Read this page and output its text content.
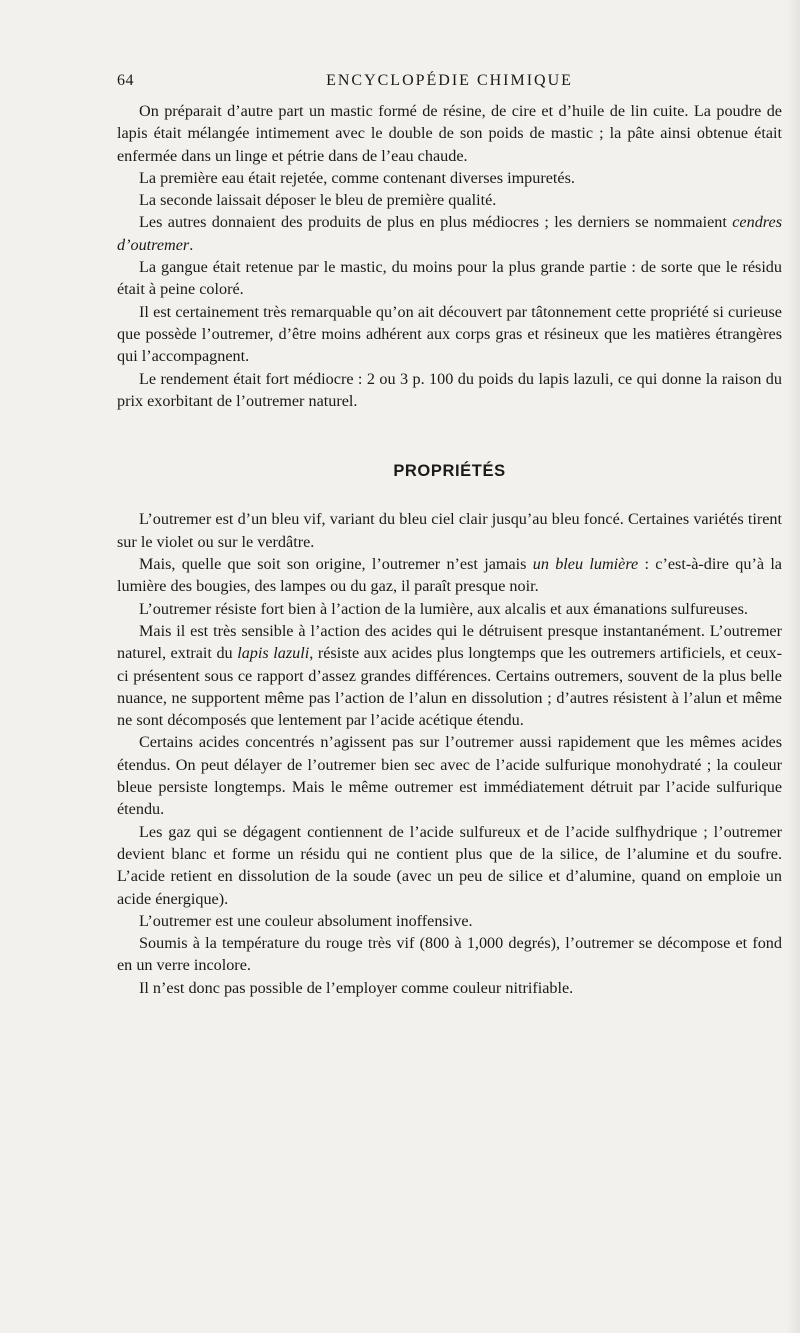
64	ENCYCLOPÉDIE CHIMIQUE

On préparait d’autre part un mastic formé de résine, de cire et d’huile de lin cuite. La poudre de lapis était mélangée intimement avec le double de son poids de mastic ; la pâte ainsi obtenue était enfermée dans un linge et pétrie dans de l’eau chaude.

La première eau était rejetée, comme contenant diverses impuretés.

La seconde laissait déposer le bleu de première qualité.

Les autres donnaient des produits de plus en plus médiocres ; les derniers se nommaient cendres d’outremer.

La gangue était retenue par le mastic, du moins pour la plus grande partie : de sorte que le résidu était à peine coloré.

Il est certainement très remarquable qu’on ait découvert par tâtonnement cette propriété si curieuse que possède l’outremer, d’être moins adhérent aux corps gras et résineux que les matières étrangères qui l’accompagnent.

Le rendement était fort médiocre : 2 ou 3 p. 100 du poids du lapis lazuli, ce qui donne la raison du prix exorbitant de l’outremer naturel.

PROPRIÉTÉS

L’outremer est d’un bleu vif, variant du bleu ciel clair jusqu’au bleu foncé. Certaines variétés tirent sur le violet ou sur le verdâtre.

Mais, quelle que soit son origine, l’outremer n’est jamais un bleu lumière : c’est-à-dire qu’à la lumière des bougies, des lampes ou du gaz, il paraît presque noir.

L’outremer résiste fort bien à l’action de la lumière, aux alcalis et aux émanations sulfureuses.

Mais il est très sensible à l’action des acides qui le détruisent presque instantanément. L’outremer naturel, extrait du lapis lazuli, résiste aux acides plus longtemps que les outremers artificiels, et ceux-ci présentent sous ce rapport d’assez grandes différences. Certains outremers, souvent de la plus belle nuance, ne supportent même pas l’action de l’alun en dissolution ; d’autres résistent à l’alun et même ne sont décomposés que lentement par l’acide acétique étendu.

Certains acides concentrés n’agissent pas sur l’outremer aussi rapidement que les mêmes acides étendus. On peut délayer de l’outremer bien sec avec de l’acide sulfurique monohydraté ; la couleur bleue persiste longtemps. Mais le même outremer est immédiatement détruit par l’acide sulfurique étendu.

Les gaz qui se dégagent contiennent de l’acide sulfureux et de l’acide sulfhydrique ; l’outremer devient blanc et forme un résidu qui ne contient plus que de la silice, de l’alumine et du soufre. L’acide retient en dissolution de la soude (avec un peu de silice et d’alumine, quand on emploie un acide énergique).

L’outremer est une couleur absolument inoffensive.

Soumis à la température du rouge très vif (800 à 1,000 degrés), l’outremer se décompose et fond en un verre incolore.

Il n’est donc pas possible de l’employer comme couleur nitrifiable.
